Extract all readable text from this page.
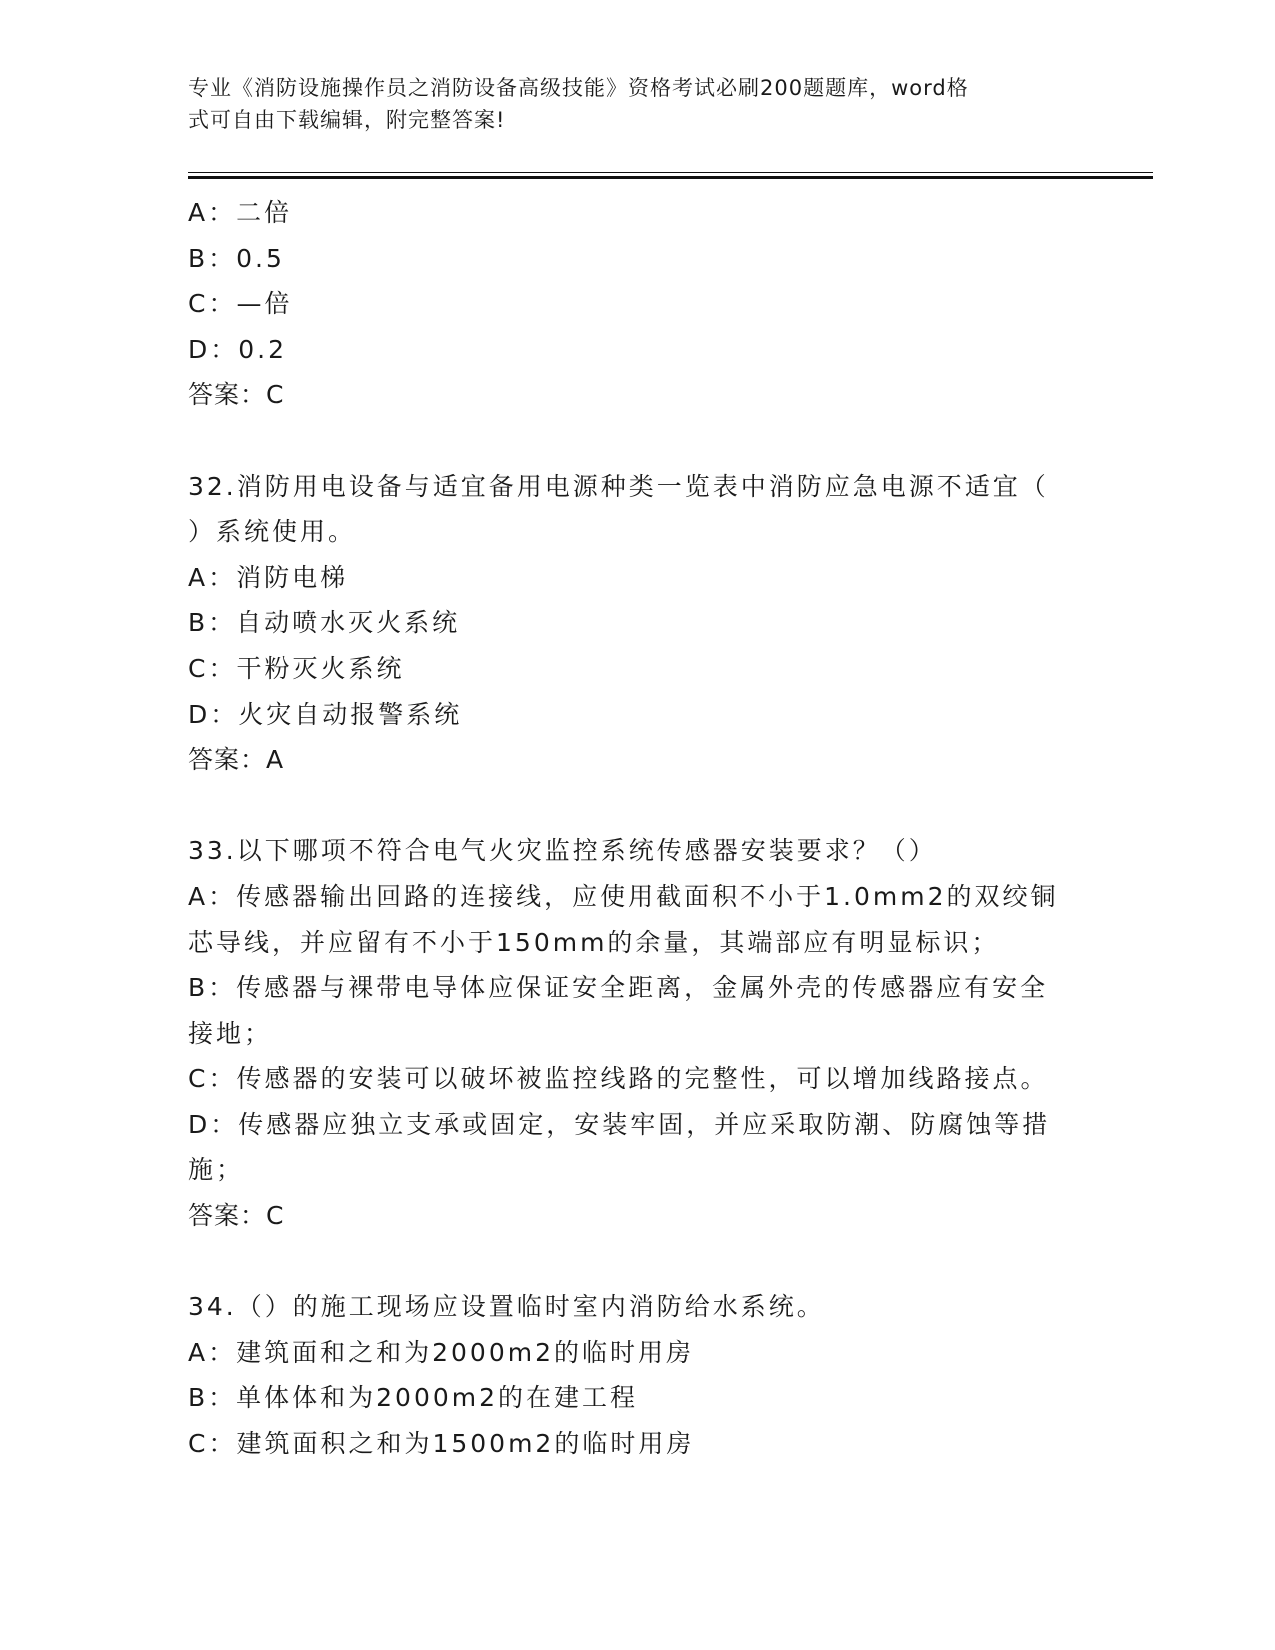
专业《消防设施操作员之消防设备高级技能》资格考试必刷200题题库，word格
式可自由下载编辑，附完整答案!
A：二倍
B：0.5
C：—倍
D：0.2
答案：C
32.消防用电设备与适宜备用电源种类一览表中消防应急电源不适宜（
）系统使用。
A：消防电梯
B：自动喷水灭火系统
C：干粉灭火系统
D：火灾自动报警系统
答案：A
33.以下哪项不符合电气火灾监控系统传感器安装要求？（）
A：传感器输出回路的连接线，应使用截面积不小于1.0mm2的双绞铜
芯导线，并应留有不小于150mm的余量，其端部应有明显标识；
B：传感器与裸带电导体应保证安全距离，金属外壳的传感器应有安全
接地；
C：传感器的安装可以破坏被监控线路的完整性，可以增加线路接点。
D：传感器应独立支承或固定，安装牢固，并应采取防潮、防腐蚀等措
施；
答案：C
34.（）的施工现场应设置临时室内消防给水系统。
A：建筑面和之和为2000m2的临时用房
B：单体体和为2000m2的在建工程
C：建筑面积之和为1500m2的临时用房
